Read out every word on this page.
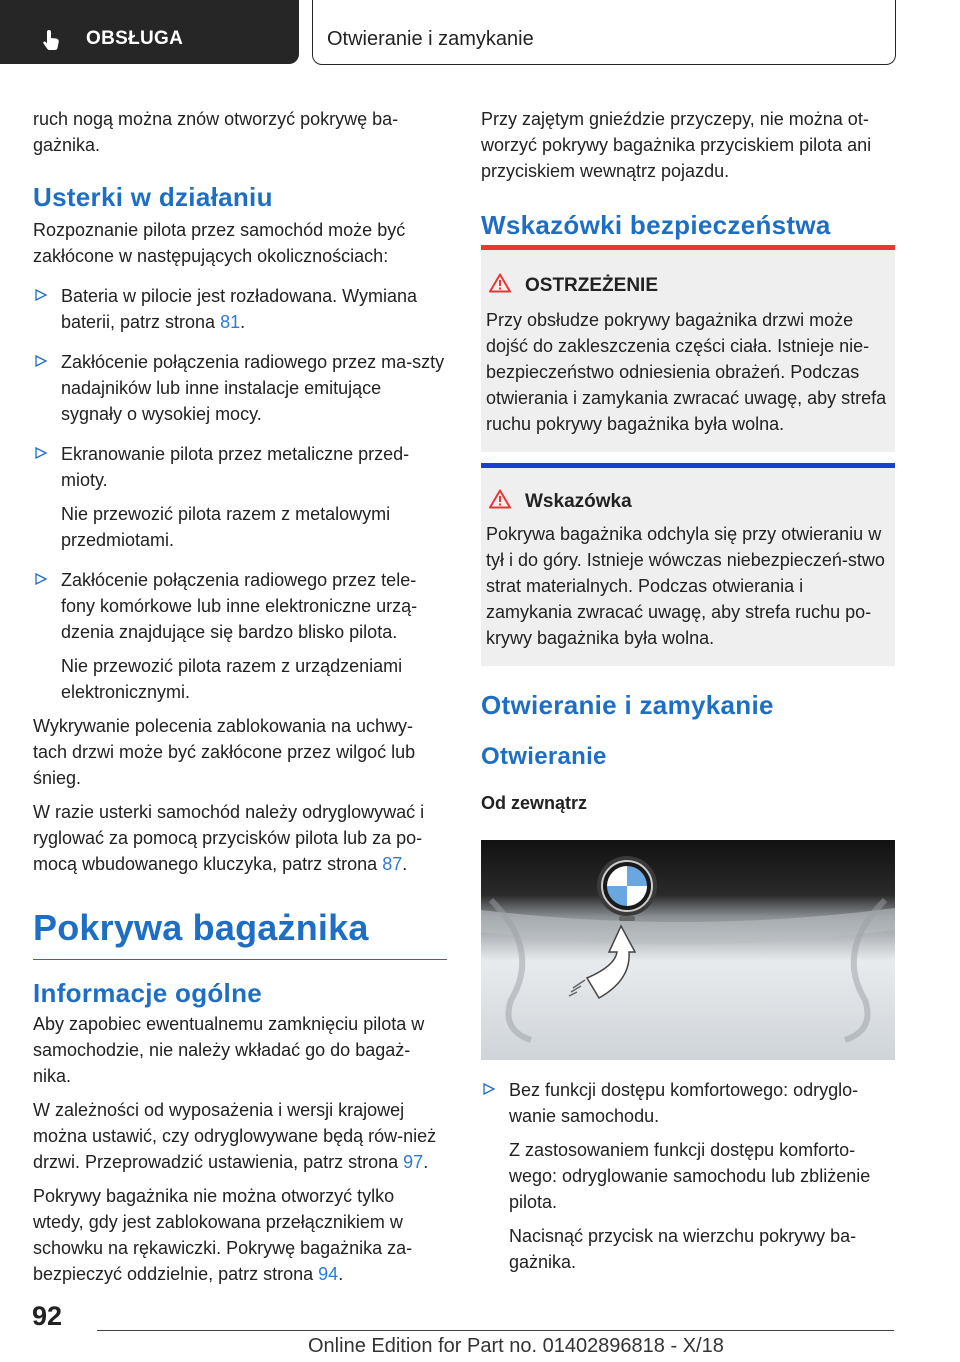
OBSŁUGA	Otwieranie i zamykanie

ruch nogą można znów otworzyć pokrywę ba-gażnika.

Usterki w działaniu

Rozpoznanie pilota przez samochód może być zakłócone w następujących okolicznościach:

Bateria w pilocie jest rozładowana. Wymiana baterii, patrz strona 81.

Zakłócenie połączenia radiowego przez ma-szty nadajników lub inne instalacje emitujące sygnały o wysokiej mocy.

Ekranowanie pilota przez metaliczne przed-mioty.

Nie przewozić pilota razem z metalowymi przedmiotami.

Zakłócenie połączenia radiowego przez tele-fony komórkowe lub inne elektroniczne urzą-dzenia znajdujące się bardzo blisko pilota.

Nie przewozić pilota razem z urządzeniami elektronicznymi.

Wykrywanie polecenia zablokowania na uchwy-tach drzwi może być zakłócone przez wilgoć lub śnieg.

W razie usterki samochód należy odryglowywać i ryglować za pomocą przycisków pilota lub za po-mocą wbudowanego kluczyka, patrz strona 87.

Pokrywa bagażnika
Informacje ogólne

Aby zapobiec ewentualnemu zamknięciu pilota w samochodzie, nie należy wkładać go do bagaż-nika.

W zależności od wyposażenia i wersji krajowej można ustawić, czy odryglowywane będą rów-nież drzwi. Przeprowadzić ustawienia, patrz strona 97.

Pokrywy bagażnika nie można otworzyć tylko wtedy, gdy jest zablokowana przełącznikiem w schowku na rękawiczki. Pokrywę bagażnika za-bezpieczyć oddzielnie, patrz strona 94.

Przy zajętym gnieździe przyczepy, nie można ot-worzyć pokrywy bagażnika przyciskiem pilota ani przyciskiem wewnątrz pojazdu.

Wskazówki bezpieczeństwa
OSTRZEŻENIE

Przy obsłudze pokrywy bagażnika drzwi może dojść do zakleszczenia części ciała. Istnieje nie-bezpieczeństwo odniesienia obrażeń. Podczas otwierania i zamykania zwracać uwagę, aby strefa ruchu pokrywy bagażnika była wolna.

Wskazówka

Pokrywa bagażnika odchyla się przy otwieraniu w tył i do góry. Istnieje wówczas niebezpieczeń-stwo strat materialnych. Podczas otwierania i zamykania zwracać uwagę, aby strefa ruchu po-krywy bagażnika była wolna.

Otwieranie i zamykanie
Otwieranie
Od zewnątrz

Bez funkcji dostępu komfortowego: odryglo-wanie samochodu.

Z zastosowaniem funkcji dostępu komforto-wego: odryglowanie samochodu lub zbliżenie pilota.

Nacisnąć przycisk na wierzchu pokrywy ba-gażnika.

92
Online Edition for Part no. 01402896818 - X/18
